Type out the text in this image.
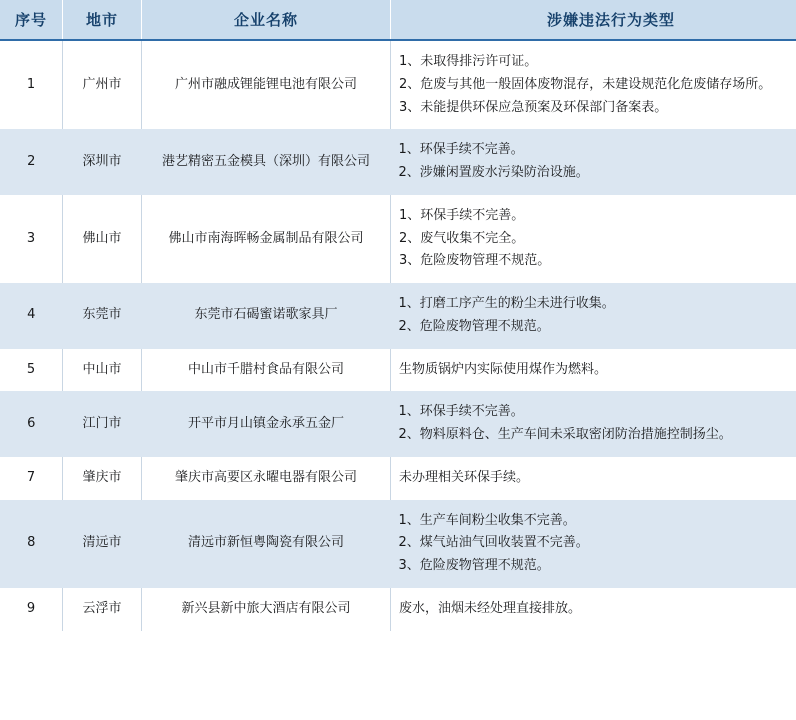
序号	地市	企业名称	涉嫌违法行为类型
1	广州市	广州市融成锂能锂电池有限公司	1、未取得排污许可证。
2、危废与其他一般固体废物混存，未建设规范化危废储存场所。
3、未能提供环保应急预案及环保部门备案表。

2	深圳市	港艺精密五金模具（深圳）有限公司	1、环保手续不完善。
2、涉嫌闲置废水污染防治设施。

3	佛山市	佛山市南海晖畅金属制品有限公司	1、环保手续不完善。
2、废气收集不完全。
3、危险废物管理不规范。

4	东莞市	东莞市石碣蜜诺歌家具厂	1、打磨工序产生的粉尘未进行收集。
2、危险废物管理不规范。

5	中山市	中山市千腊村食品有限公司	生物质锅炉内实际使用煤作为燃料。

6	江门市	开平市月山镇金永承五金厂	1、环保手续不完善。
2、物料原料仓、生产车间未采取密闭防治措施控制扬尘。

7	肇庆市	肇庆市高要区永曜电器有限公司	未办理相关环保手续。

8	清远市	清远市新恒粤陶瓷有限公司	1、生产车间粉尘收集不完善。
2、煤气站油气回收装置不完善。
3、危险废物管理不规范。

9	云浮市	新兴县新中旅大酒店有限公司	废水，油烟未经处理直接排放。
